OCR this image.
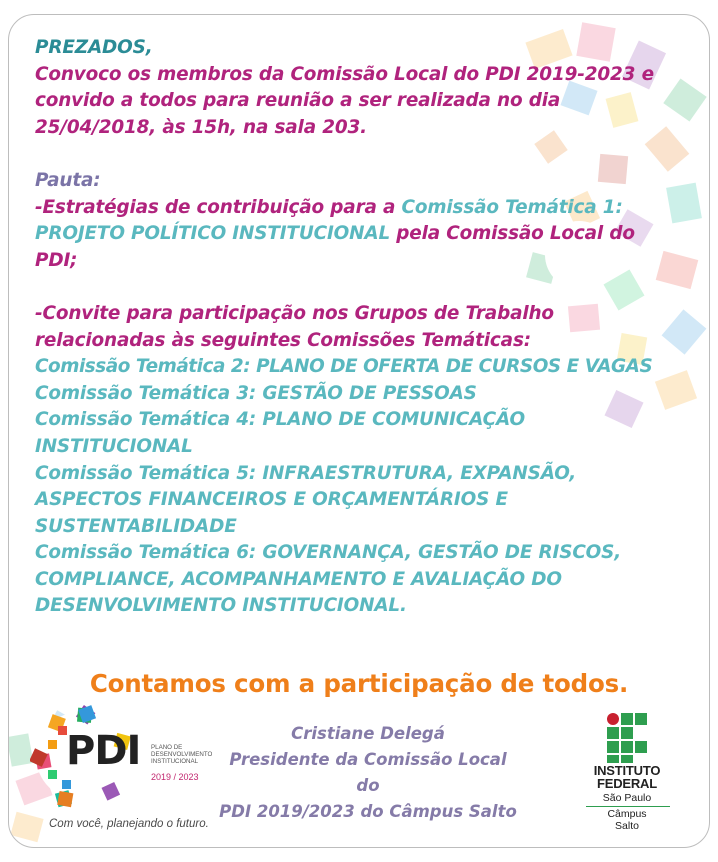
PREZADOS,
Convoco os membros da Comissão Local do PDI 2019-2023 e
convido a todos para reunião a ser realizada no dia
25/04/2018, às 15h, na sala 203.
Pauta:
-Estratégias de contribuição para a Comissão Temática 1:
PROJETO POLÍTICO INSTITUCIONAL pela Comissão Local do
PDI;
-Convite para participação nos Grupos de Trabalho
relacionadas às seguintes Comissões Temáticas:
Comissão Temática 2: PLANO DE OFERTA DE CURSOS E VAGAS
Comissão Temática 3: GESTÃO DE PESSOAS
Comissão Temática 4: PLANO DE COMUNICAÇÃO
INSTITUCIONAL
Comissão Temática 5: INFRAESTRUTURA, EXPANSÃO,
ASPECTOS FINANCEIROS E ORÇAMENTÁRIOS E
SUSTENTABILIDADE
Comissão Temática 6: GOVERNANÇA, GESTÃO DE RISCOS,
COMPLIANCE, ACOMPANHAMENTO E AVALIAÇÃO DO
DESENVOLVIMENTO INSTITUCIONAL.
Contamos com a participação de todos.
PDI PLANO DE
DESENVOLVIMENTO
INSTITUCIONAL
2019 / 2023
Com você, planejando o futuro.
Cristiane Delegá
Presidente da Comissão Local do
PDI 2019/2023 do Câmpus Salto
INSTITUTO
FEDERAL
São Paulo
Câmpus
Salto
